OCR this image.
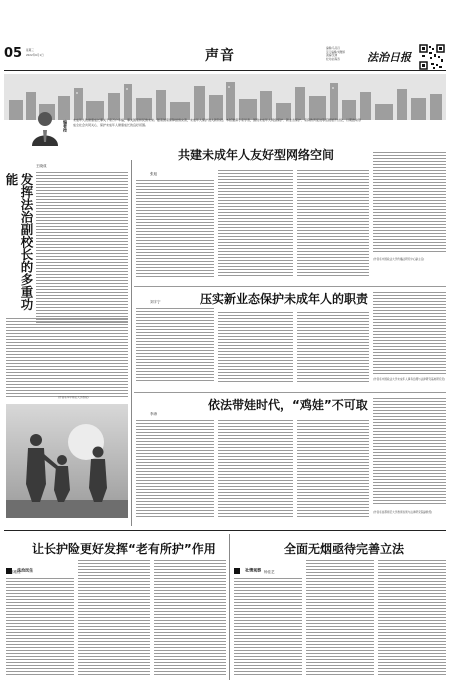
05 星期三
2022年6月1日	声音	编辑/马丹丹
见习编辑/刘雅婷
美编/吴迪
校对/赵海涛	法治日报
编者按 未成年人的健康成长事关千家万户幸福，事关国家和民族未来。随着国家保障措施完善，未成年人保护进入新阶段。本版邀请专家学者，围绕未成年人网络保护、新业态保护、家庭教育促进等话题展开讨论，以期推动形成全社会共同关心、保护未成年人健康成长的良好氛围。
王晓成
发挥法治副校长的多重功能
(作者系华中师范大学教授)
共建未成年人友好型网络空间
张旭
(作者系中国政法大学传播法研究中心副主任)
压实新业态保护未成年人的职责
刘宇宁
(作者系中国政法大学未成年人事务治理与法律研究基地研究员)
依法带娃时代，“鸡娃”不可取
李涛
(作者系首都师范大学教育政策与法律研究院副教授)
让长护险更好发挥“老有所护”作用
法治民生
郭雅佳
全面无烟亟待完善立法
社情观察 杨佳艺
